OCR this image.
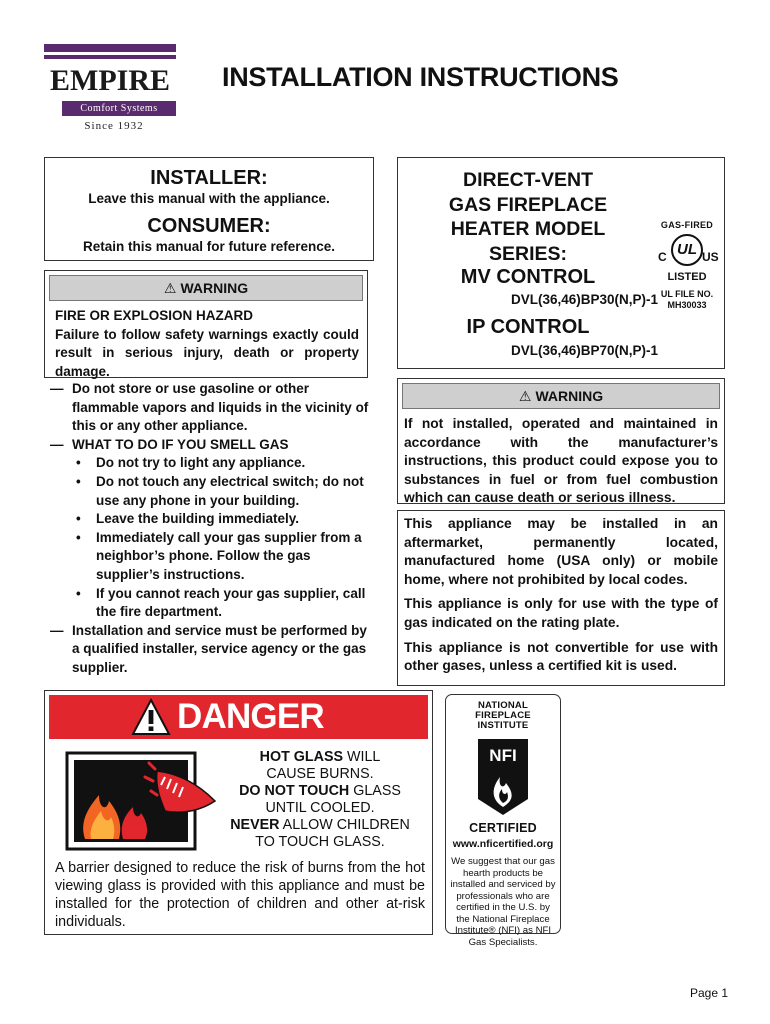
EMPIRE
Comfort Systems
Since 1932
INSTALLATION INSTRUCTIONS
INSTALLER:
Leave this manual with the appliance.
CONSUMER:
Retain this manual for future reference.
⚠ WARNING
FIRE OR EXPLOSION HAZARD
Failure to follow safety warnings exactly could result in serious injury, death or property damage.
— Do not store or use gasoline or other flammable vapors and liquids in the vicinity of this or any other appliance.
— WHAT TO DO IF YOU SMELL GAS
• Do not try to light any appliance.
• Do not touch any electrical switch; do not use any phone in your building.
• Leave the building immediately.
• Immediately call your gas supplier from a neighbor’s phone. Follow the gas supplier’s instructions.
• If you cannot reach your gas supplier, call the fire department.
— Installation and service must be performed by a qualified installer, service agency or the gas supplier.
DIRECT-VENT
GAS FIREPLACE
HEATER MODEL
SERIES:
MV CONTROL
DVL(36,46)BP30(N,P)-1
IP CONTROL
DVL(36,46)BP70(N,P)-1
GAS-FIRED
C UL US
LISTED
UL FILE NO.
MH30033
⚠ WARNING
If not installed, operated and maintained in accordance with the manufacturer’s instructions, this product could expose you to substances in fuel or from fuel combustion which can cause death or serious illness.

This appliance may be installed in an aftermarket, permanently located, manufactured home (USA only) or mobile home, where not prohibited by local codes.

This appliance is only for use with the type of gas indicated on the rating plate.

This appliance is not convertible for use with other gases, unless a certified kit is used.

DANGER
HOT GLASS WILL
CAUSE BURNS.
DO NOT TOUCH GLASS
UNTIL COOLED.
NEVER ALLOW CHILDREN
TO TOUCH GLASS.
A barrier designed to reduce the risk of burns from the hot viewing glass is provided with this appliance and must be installed for the protection of children and other at-risk individuals.
NATIONAL
FIREPLACE
INSTITUTE
NFI
CERTIFIED
www.nficertified.org
We suggest that our gas hearth products be installed and serviced by professionals who are certified in the U.S. by the National Fireplace Institute® (NFI) as NFI Gas Specialists.
Page 1
